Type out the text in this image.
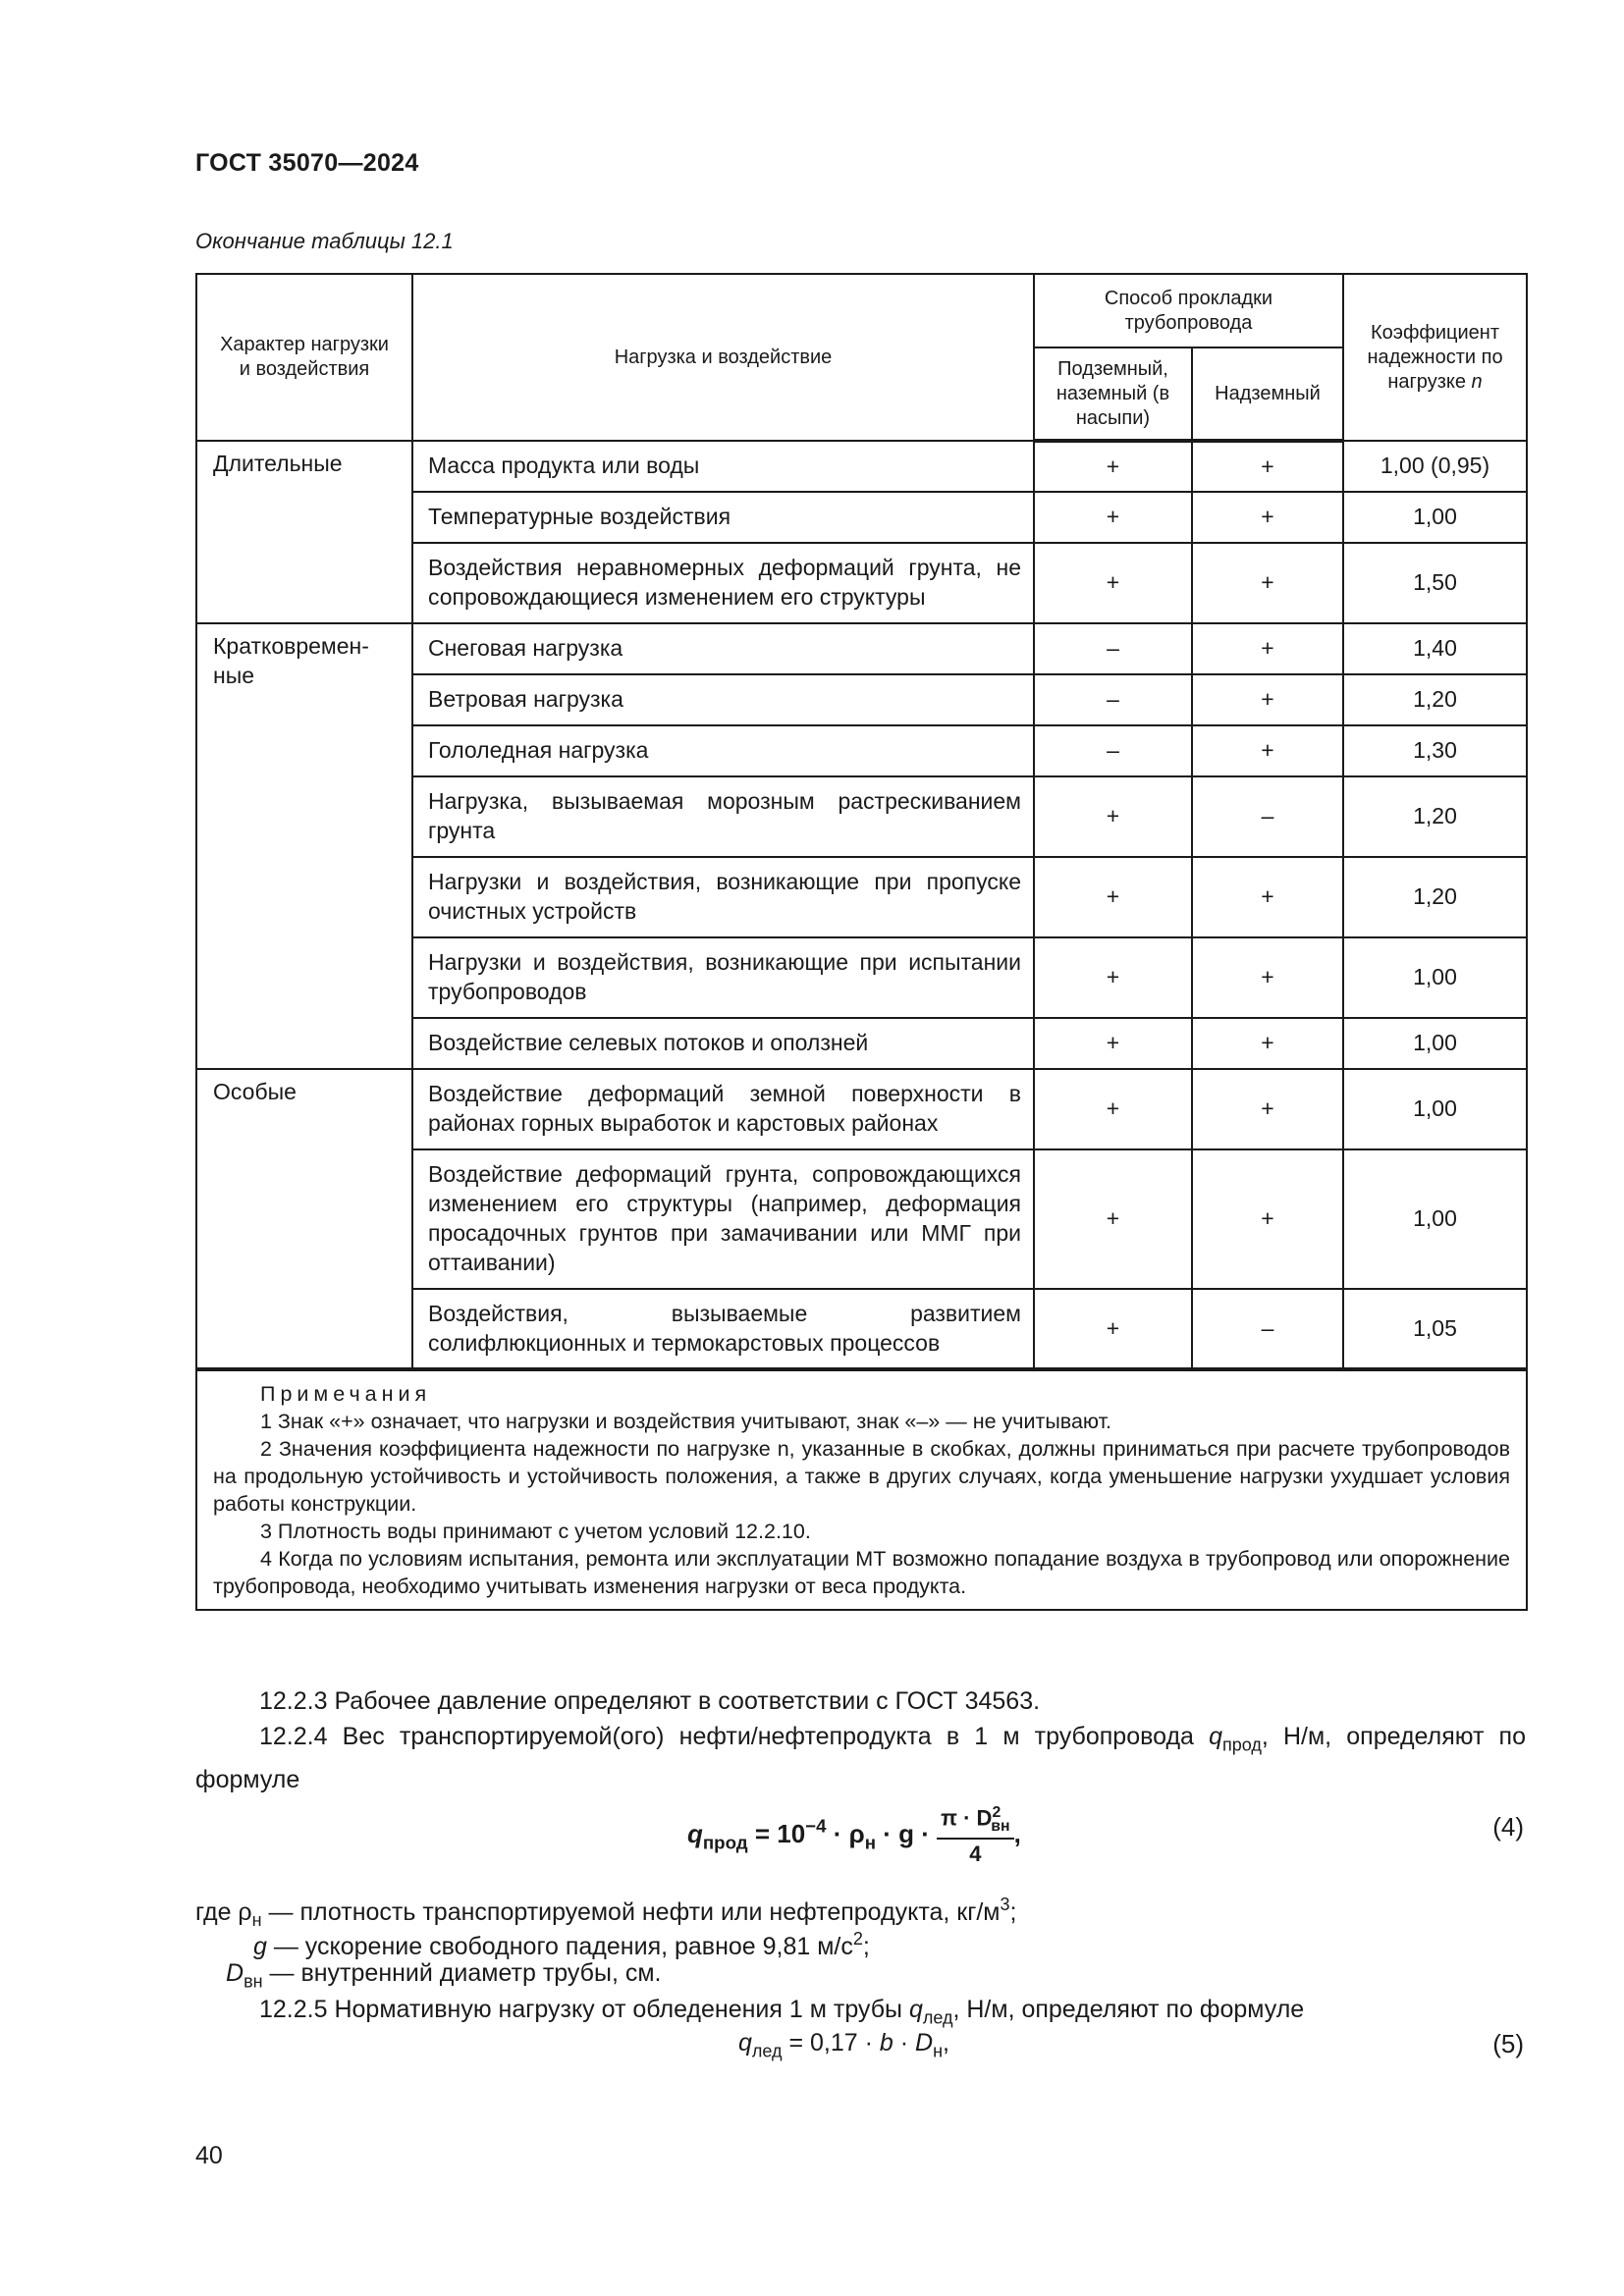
ГОСТ 35070—2024
Окончание таблицы 12.1
Характер нагрузки и воздействия	Нагрузка и воздействие	Способ прокладки трубопровода		Коэффициент надежности по нагрузке n
		Подземный, наземный (в насыпи)	Надземный	
Длительные	Масса продукта или воды	+	+	1,00 (0,95)
	Температурные воздействия	+	+	1,00
	Воздействия неравномерных деформаций грунта, не сопровождающиеся изменением его структуры	+	+	1,50
Кратковремен-ные	Снеговая нагрузка	–	+	1,40
	Ветровая нагрузка	–	+	1,20
	Гололедная нагрузка	–	+	1,30
	Нагрузка, вызываемая морозным растрескиванием грунта	+	–	1,20
	Нагрузки и воздействия, возникающие при пропуске очистных устройств	+	+	1,20
	Нагрузки и воздействия, возникающие при испытании трубопроводов	+	+	1,00
	Воздействие селевых потоков и оползней	+	+	1,00
Особые	Воздействие деформаций земной поверхности в районах горных выработок и карстовых районах	+	+	1,00
	Воздействие деформаций грунта, сопровождающихся изменением его структуры (например, деформация просадочных грунтов при замачивании или ММГ при оттаивании)	+	+	1,00
	Воздействия, вызываемые развитием солифлюкционных и термокарстовых процессов	+	–	1,05

Примечания

1 Знак «+» означает, что нагрузки и воздействия учитывают, знак «–» — не учитывают.

2 Значения коэффициента надежности по нагрузке n, указанные в скобках, должны приниматься при расчете трубопроводов на продольную устойчивость и устойчивость положения, а также в других случаях, когда уменьшение нагрузки ухудшает условия работы конструкции.

3 Плотность воды принимают с учетом условий 12.2.10.

4 Когда по условиям испытания, ремонта или эксплуатации МТ возможно попадание воздуха в трубопровод или опорожнение трубопровода, необходимо учитывать изменения нагрузки от веса продукта.				

12.2.3 Рабочее давление определяют в соответствии с ГОСТ 34563.
12.2.4 Вес транспортируемой(ого) нефти/нефтепродукта в 1 м трубопровода $q_{прод}$, Н/м, определяют по формуле
$q_{прод} = 10^{-4} \cdot \rho_н \cdot g \cdot \frac{\pi \cdot D^2_{вн}}{4}$ ,	(4)
где $\rho_н$ — плотность транспортируемой нефти или нефтепродукта, $кг/м^3$;
g — ускорение свободного падения, равное 9,81 $м/с^2$;
$D_{вн}$ — внутренний диаметр трубы, см.
12.2.5 Нормативную нагрузку от обледенения 1 м трубы $q_{лед}$, Н/м, определяют по формуле
$q_{лед} = 0,17 \cdot b \cdot D_н$,	(5)
40
